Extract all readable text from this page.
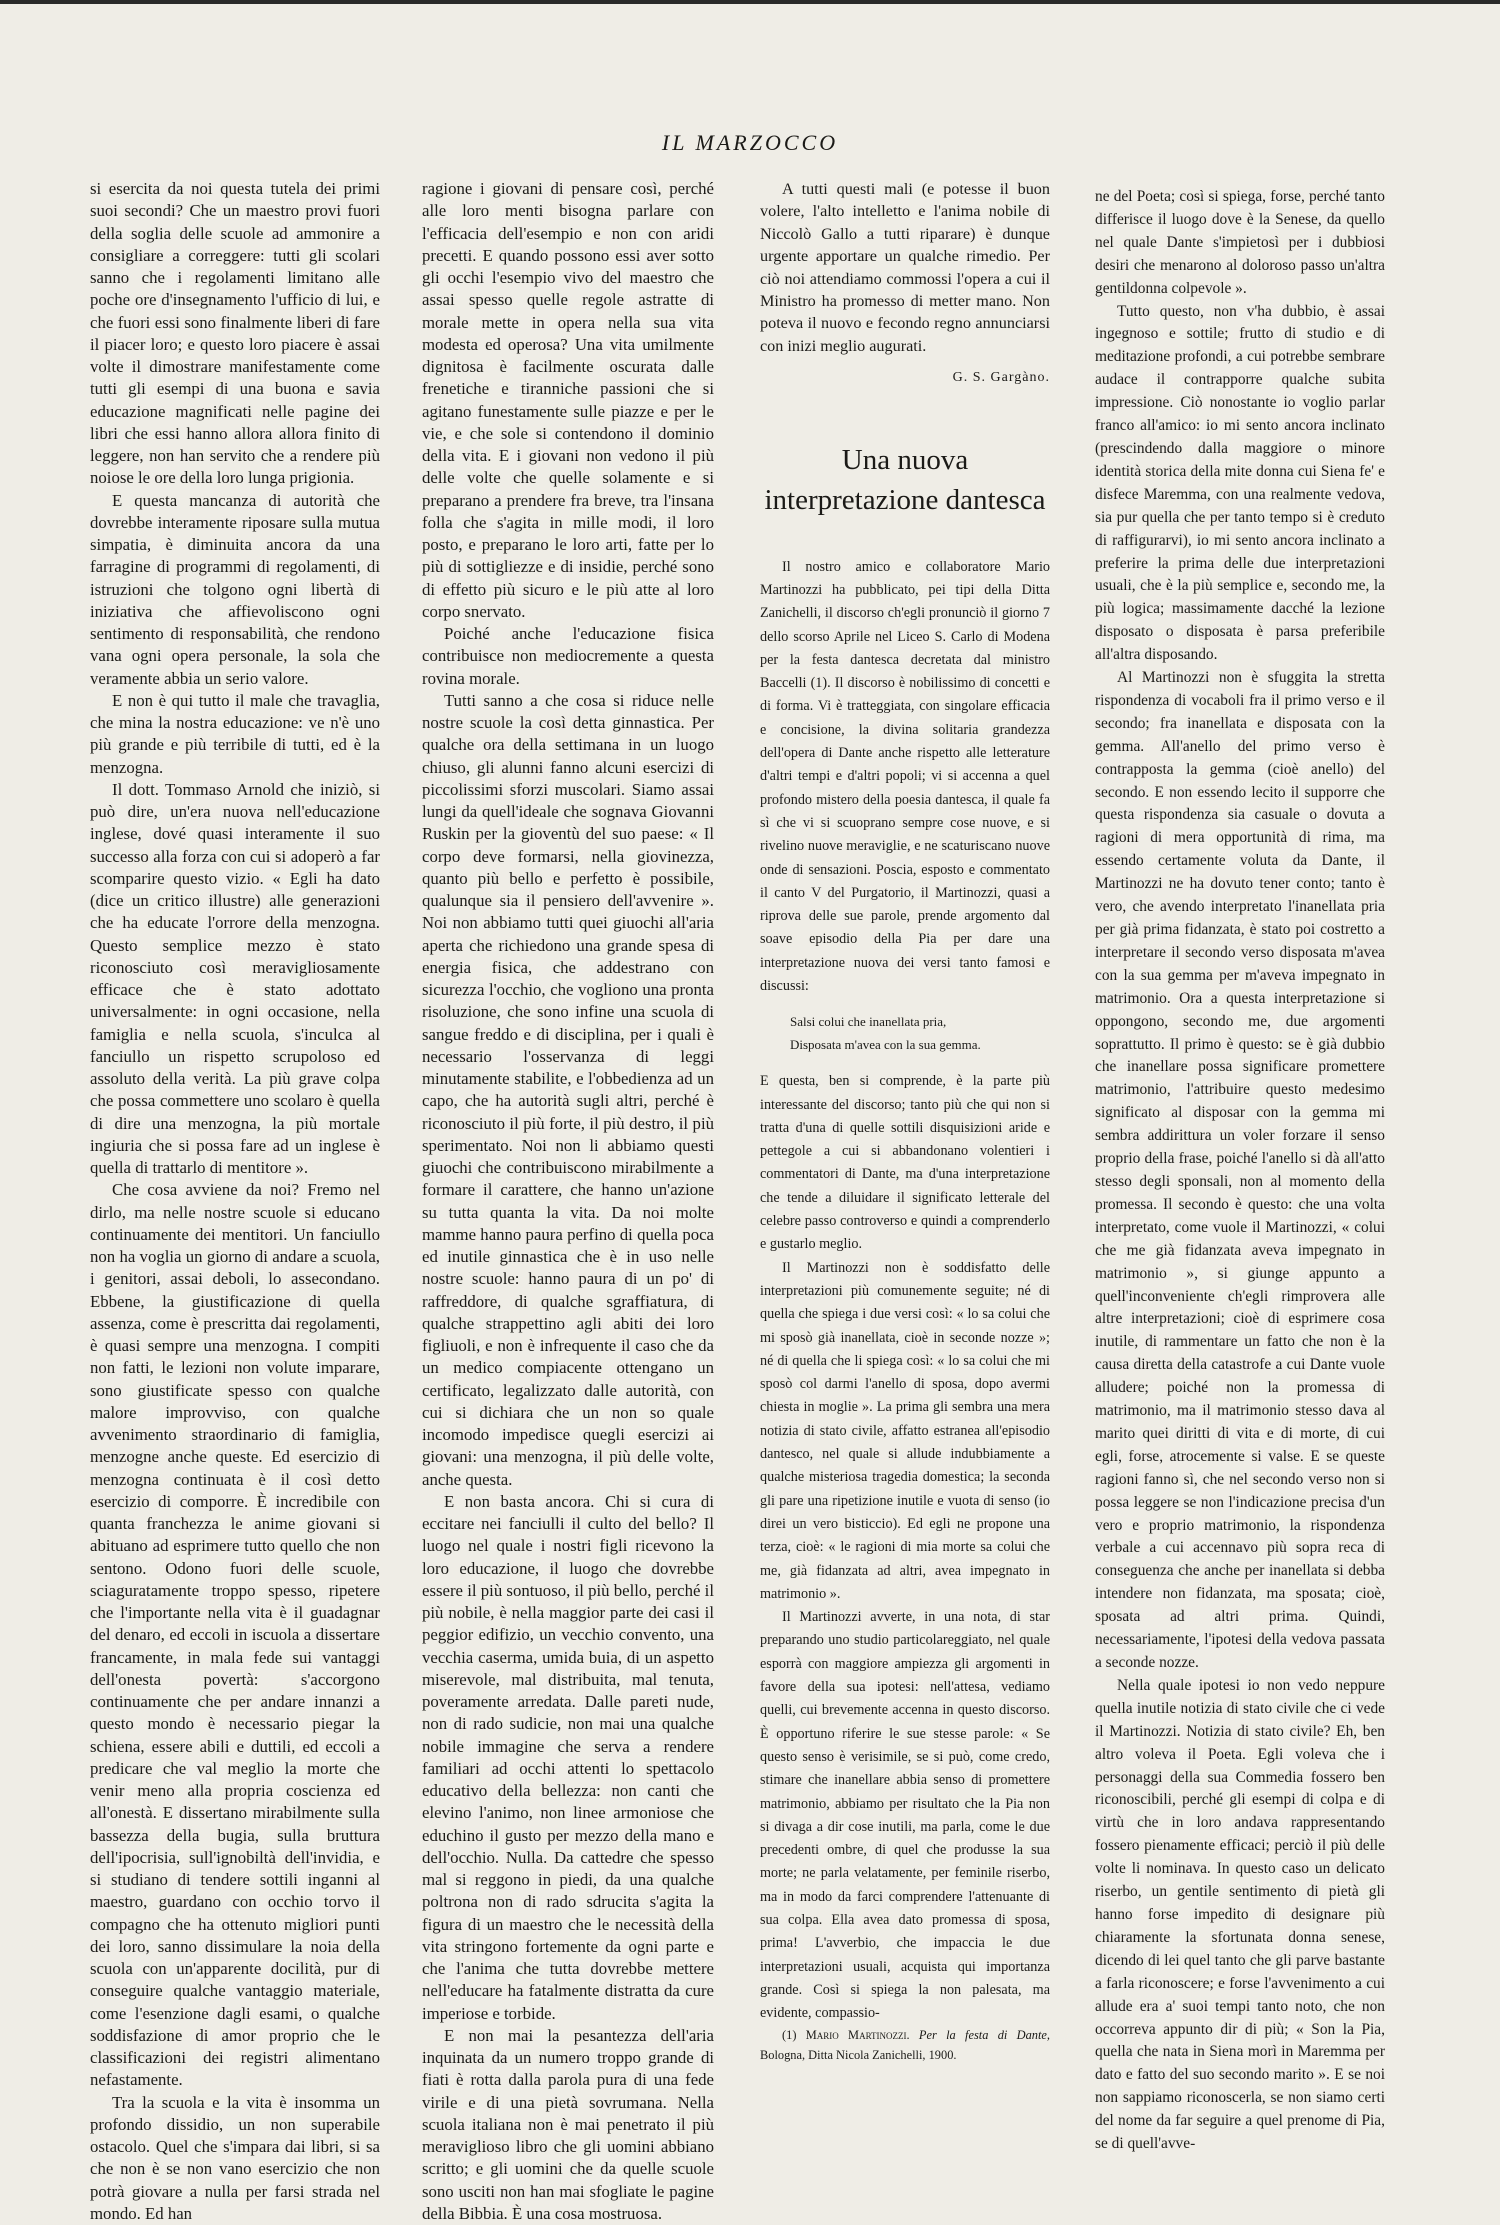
IL MARZOCCO

si esercita da noi questa tutela dei primi suoi secondi? Che un maestro provi fuori della soglia delle scuole ad ammonire a consigliare a correggere: tutti gli scolari sanno che i regolamenti limitano alle poche ore d'insegnamento l'ufficio di lui, e che fuori essi sono finalmente liberi di fare il piacer loro; e questo loro piacere è assai volte il dimostrare manifestamente come tutti gli esempi di una buona e savia educazione magnificati nelle pagine dei libri che essi hanno allora allora finito di leggere, non han servito che a rendere più noiose le ore della loro lunga prigionia.

E questa mancanza di autorità che dovrebbe interamente riposare sulla mutua simpatia, è diminuita ancora da una farragine di programmi di regolamenti, di istruzioni che tolgono ogni libertà di iniziativa che affievoliscono ogni sentimento di responsabilità, che rendono vana ogni opera personale, la sola che veramente abbia un serio valore.

E non è qui tutto il male che travaglia, che mina la nostra educazione: ve n'è uno più grande e più terribile di tutti, ed è la menzogna.

Il dott. Tommaso Arnold che iniziò, si può dire, un'era nuova nell'educazione inglese, dové quasi interamente il suo successo alla forza con cui si adoperò a far scomparire questo vizio. « Egli ha dato (dice un critico illustre) alle generazioni che ha educate l'orrore della menzogna. Questo semplice mezzo è stato riconosciuto così meravigliosamente efficace che è stato adottato universalmente: in ogni occasione, nella famiglia e nella scuola, s'inculca al fanciullo un rispetto scrupoloso ed assoluto della verità. La più grave colpa che possa commettere uno scolaro è quella di dire una menzogna, la più mortale ingiuria che si possa fare ad un inglese è quella di trattarlo di mentitore ».

Che cosa avviene da noi? Fremo nel dirlo, ma nelle nostre scuole si educano continuamente dei mentitori. Un fanciullo non ha voglia un giorno di andare a scuola, i genitori, assai deboli, lo assecondano. Ebbene, la giustificazione di quella assenza, come è prescritta dai regolamenti, è quasi sempre una menzogna. I compiti non fatti, le lezioni non volute imparare, sono giustificate spesso con qualche malore improvviso, con qualche avvenimento straordinario di famiglia, menzogne anche queste. Ed esercizio di menzogna continuata è il così detto esercizio di comporre. È incredibile con quanta franchezza le anime giovani si abituano ad esprimere tutto quello che non sentono. Odono fuori delle scuole, sciaguratamente troppo spesso, ripetere che l'importante nella vita è il guadagnar del denaro, ed eccoli in iscuola a dissertare francamente, in mala fede sui vantaggi dell'onesta povertà: s'accorgono continuamente che per andare innanzi a questo mondo è necessario piegar la schiena, essere abili e duttili, ed eccoli a predicare che val meglio la morte che venir meno alla propria coscienza ed all'onestà. E dissertano mirabilmente sulla bassezza della bugia, sulla bruttura dell'ipocrisia, sull'ignobiltà dell'invidia, e si studiano di tendere sottili inganni al maestro, guardano con occhio torvo il compagno che ha ottenuto migliori punti dei loro, sanno dissimulare la noia della scuola con un'apparente docilità, pur di conseguire qualche vantaggio materiale, come l'esenzione dagli esami, o qualche soddisfazione di amor proprio che le classificazioni dei registri alimentano nefastamente.

Tra la scuola e la vita è insomma un profondo dissidio, un non superabile ostacolo. Quel che s'impara dai libri, si sa che non è se non vano esercizio che non potrà giovare a nulla per farsi strada nel mondo. Ed han

ragione i giovani di pensare così, perché alle loro menti bisogna parlare con l'efficacia dell'esempio e non con aridi precetti. E quando possono essi aver sotto gli occhi l'esempio vivo del maestro che assai spesso quelle regole astratte di morale mette in opera nella sua vita modesta ed operosa? Una vita umilmente dignitosa è facilmente oscurata dalle frenetiche e tiranniche passioni che si agitano funestamente sulle piazze e per le vie, e che sole si contendono il dominio della vita. E i giovani non vedono il più delle volte che quelle solamente e si preparano a prendere fra breve, tra l'insana folla che s'agita in mille modi, il loro posto, e preparano le loro arti, fatte per lo più di sottigliezze e di insidie, perché sono di effetto più sicuro e le più atte al loro corpo snervato.

Poiché anche l'educazione fisica contribuisce non mediocremente a questa rovina morale.

Tutti sanno a che cosa si riduce nelle nostre scuole la così detta ginnastica. Per qualche ora della settimana in un luogo chiuso, gli alunni fanno alcuni esercizi di piccolissimi sforzi muscolari. Siamo assai lungi da quell'ideale che sognava Giovanni Ruskin per la gioventù del suo paese: « Il corpo deve formarsi, nella giovinezza, quanto più bello e perfetto è possibile, qualunque sia il pensiero dell'avvenire ». Noi non abbiamo tutti quei giuochi all'aria aperta che richiedono una grande spesa di energia fisica, che addestrano con sicurezza l'occhio, che vogliono una pronta risoluzione, che sono infine una scuola di sangue freddo e di disciplina, per i quali è necessario l'osservanza di leggi minutamente stabilite, e l'obbedienza ad un capo, che ha autorità sugli altri, perché è riconosciuto il più forte, il più destro, il più sperimentato. Noi non li abbiamo questi giuochi che contribuiscono mirabilmente a formare il carattere, che hanno un'azione su tutta quanta la vita. Da noi molte mamme hanno paura perfino di quella poca ed inutile ginnastica che è in uso nelle nostre scuole: hanno paura di un po' di raffreddore, di qualche sgraffiatura, di qualche strappettino agli abiti dei loro figliuoli, e non è infrequente il caso che da un medico compiacente ottengano un certificato, legalizzato dalle autorità, con cui si dichiara che un non so quale incomodo impedisce quegli esercizi ai giovani: una menzogna, il più delle volte, anche questa.

E non basta ancora. Chi si cura di eccitare nei fanciulli il culto del bello? Il luogo nel quale i nostri figli ricevono la loro educazione, il luogo che dovrebbe essere il più sontuoso, il più bello, perché il più nobile, è nella maggior parte dei casi il peggior edifizio, un vecchio convento, una vecchia caserma, umida buia, di un aspetto miserevole, mal distribuita, mal tenuta, poveramente arredata. Dalle pareti nude, non di rado sudicie, non mai una qualche nobile immagine che serva a rendere familiari ad occhi attenti lo spettacolo educativo della bellezza: non canti che elevino l'animo, non linee armoniose che educhino il gusto per mezzo della mano e dell'occhio. Nulla. Da cattedre che spesso mal si reggono in piedi, da una qualche poltrona non di rado sdrucita s'agita la figura di un maestro che le necessità della vita stringono fortemente da ogni parte e che l'anima che tutta dovrebbe mettere nell'educare ha fatalmente distratta da cure imperiose e torbide.

E non mai la pesantezza dell'aria inquinata da un numero troppo grande di fiati è rotta dalla parola pura di una fede virile e di una pietà sovrumana. Nella scuola italiana non è mai penetrato il più meraviglioso libro che gli uomini abbiano scritto; e gli uomini che da quelle scuole sono usciti non han mai sfogliate le pagine della Bibbia. È una cosa mostruosa.

A tutti questi mali (e potesse il buon volere, l'alto intelletto e l'anima nobile di Niccolò Gallo a tutti riparare) è dunque urgente apportare un qualche rimedio. Per ciò noi attendiamo commossi l'opera a cui il Ministro ha promesso di metter mano. Non poteva il nuovo e fecondo regno annunciarsi con inizi meglio augurati.

G. S. Gargàno.
Una nuova
interpretazione dantesca

Il nostro amico e collaboratore Mario Martinozzi ha pubblicato, pei tipi della Ditta Zanichelli, il discorso ch'egli pronunciò il giorno 7 dello scorso Aprile nel Liceo S. Carlo di Modena per la festa dantesca decretata dal ministro Baccelli (1). Il discorso è nobilissimo di concetti e di forma. Vi è tratteggiata, con singolare efficacia e concisione, la divina solitaria grandezza dell'opera di Dante anche rispetto alle letterature d'altri tempi e d'altri popoli; vi si accenna a quel profondo mistero della poesia dantesca, il quale fa sì che vi si scuoprano sempre cose nuove, e si rivelino nuove meraviglie, e ne scaturiscano nuove onde di sensazioni. Poscia, esposto e commentato il canto V del Purgatorio, il Martinozzi, quasi a riprova delle sue parole, prende argomento dal soave episodio della Pia per dare una interpretazione nuova dei versi tanto famosi e discussi:

Salsi colui che inanellata pria,
Disposata m'avea con la sua gemma.

E questa, ben si comprende, è la parte più interessante del discorso; tanto più che qui non si tratta d'una di quelle sottili disquisizioni aride e pettegole a cui si abbandonano volentieri i commentatori di Dante, ma d'una interpretazione che tende a diluidare il significato letterale del celebre passo controverso e quindi a comprenderlo e gustarlo meglio.

Il Martinozzi non è soddisfatto delle interpretazioni più comunemente seguite; né di quella che spiega i due versi così: « lo sa colui che mi sposò già inanellata, cioè in seconde nozze »; né di quella che li spiega così: « lo sa colui che mi sposò col darmi l'anello di sposa, dopo avermi chiesta in moglie ». La prima gli sembra una mera notizia di stato civile, affatto estranea all'episodio dantesco, nel quale si allude indubbiamente a qualche misteriosa tragedia domestica; la seconda gli pare una ripetizione inutile e vuota di senso (io direi un vero bisticcio). Ed egli ne propone una terza, cioè: « le ragioni di mia morte sa colui che me, già fidanzata ad altri, avea impegnato in matrimonio ».

Il Martinozzi avverte, in una nota, di star preparando uno studio particolareggiato, nel quale esporrà con maggiore ampiezza gli argomenti in favore della sua ipotesi: nell'attesa, vediamo quelli, cui brevemente accenna in questo discorso. È opportuno riferire le sue stesse parole: « Se questo senso è verisimile, se si può, come credo, stimare che inanellare abbia senso di promettere matrimonio, abbiamo per risultato che la Pia non si divaga a dir cose inutili, ma parla, come le due precedenti ombre, di quel che produsse la sua morte; ne parla velatamente, per feminile riserbo, ma in modo da farci comprendere l'attenuante di sua colpa. Ella avea dato promessa di sposa, prima! L'avverbio, che impaccia le due interpretazioni usuali, acquista qui importanza grande. Così si spiega la non palesata, ma evidente, compassio-

(1) Mario Martinozzi. Per la festa di Dante, Bologna, Ditta Nicola Zanichelli, 1900.

ne del Poeta; così si spiega, forse, perché tanto differisce il luogo dove è la Senese, da quello nel quale Dante s'impietosì per i dubbiosi desiri che menarono al doloroso passo un'altra gentildonna colpevole ».

Tutto questo, non v'ha dubbio, è assai ingegnoso e sottile; frutto di studio e di meditazione profondi, a cui potrebbe sembrare audace il contrapporre qualche subita impressione. Ciò nonostante io voglio parlar franco all'amico: io mi sento ancora inclinato (prescindendo dalla maggiore o minore identità storica della mite donna cui Siena fe' e disfece Maremma, con una realmente vedova, sia pur quella che per tanto tempo si è creduto di raffigurarvi), io mi sento ancora inclinato a preferire la prima delle due interpretazioni usuali, che è la più semplice e, secondo me, la più logica; massimamente dacché la lezione disposato o disposata è parsa preferibile all'altra disposando.

Al Martinozzi non è sfuggita la stretta rispondenza di vocaboli fra il primo verso e il secondo; fra inanellata e disposata con la gemma. All'anello del primo verso è contrapposta la gemma (cioè anello) del secondo. E non essendo lecito il supporre che questa rispondenza sia casuale o dovuta a ragioni di mera opportunità di rima, ma essendo certamente voluta da Dante, il Martinozzi ne ha dovuto tener conto; tanto è vero, che avendo interpretato l'inanellata pria per già prima fidanzata, è stato poi costretto a interpretare il secondo verso disposata m'avea con la sua gemma per m'aveva impegnato in matrimonio. Ora a questa interpretazione si oppongono, secondo me, due argomenti soprattutto. Il primo è questo: se è già dubbio che inanellare possa significare promettere matrimonio, l'attribuire questo medesimo significato al disposar con la gemma mi sembra addirittura un voler forzare il senso proprio della frase, poiché l'anello si dà all'atto stesso degli sponsali, non al momento della promessa. Il secondo è questo: che una volta interpretato, come vuole il Martinozzi, « colui che me già fidanzata aveva impegnato in matrimonio », si giunge appunto a quell'inconveniente ch'egli rimprovera alle altre interpretazioni; cioè di esprimere cosa inutile, di rammentare un fatto che non è la causa diretta della catastrofe a cui Dante vuole alludere; poiché non la promessa di matrimonio, ma il matrimonio stesso dava al marito quei diritti di vita e di morte, di cui egli, forse, atrocemente si valse. E se queste ragioni fanno sì, che nel secondo verso non si possa leggere se non l'indicazione precisa d'un vero e proprio matrimonio, la rispondenza verbale a cui accennavo più sopra reca di conseguenza che anche per inanellata si debba intendere non fidanzata, ma sposata; cioè, sposata ad altri prima. Quindi, necessariamente, l'ipotesi della vedova passata a seconde nozze.

Nella quale ipotesi io non vedo neppure quella inutile notizia di stato civile che ci vede il Martinozzi. Notizia di stato civile? Eh, ben altro voleva il Poeta. Egli voleva che i personaggi della sua Commedia fossero ben riconoscibili, perché gli esempi di colpa e di virtù che in loro andava rappresentando fossero pienamente efficaci; perciò il più delle volte li nominava. In questo caso un delicato riserbo, un gentile sentimento di pietà gli hanno forse impedito di designare più chiaramente la sfortunata donna senese, dicendo di lei quel tanto che gli parve bastante a farla riconoscere; e forse l'avvenimento a cui allude era a' suoi tempi tanto noto, che non occorreva appunto dir di più; « Son la Pia, quella che nata in Siena morì in Maremma per dato e fatto del suo secondo marito ». E se noi non sappiamo riconoscerla, se non siamo certi del nome da far seguire a quel prenome di Pia, se di quell'avve-
